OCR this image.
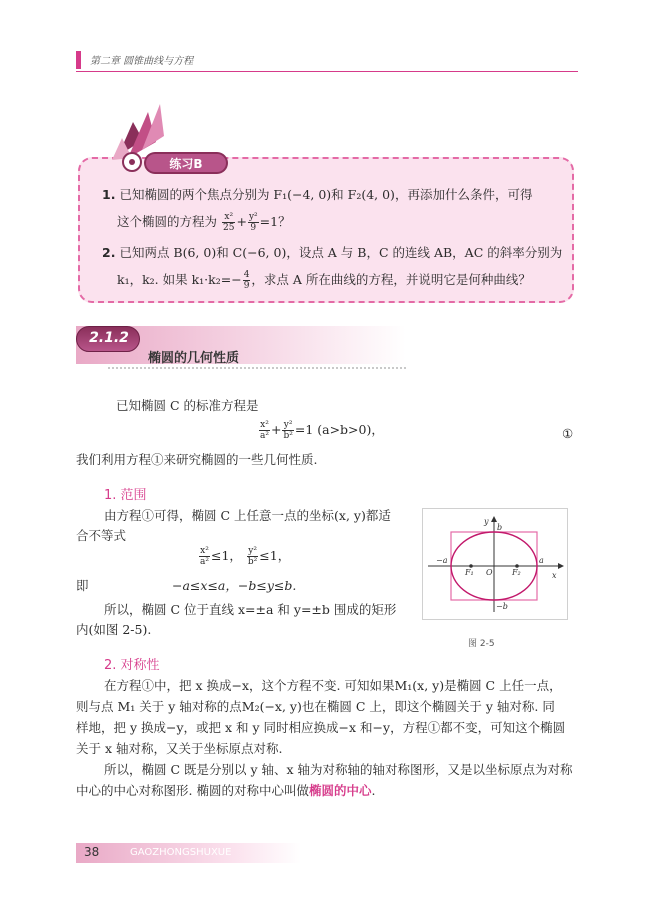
第二章 圆锥曲线与方程
练习B
1. 已知椭圆的两个焦点分别为 F₁(−4, 0)和 F₂(4, 0)，再添加什么条件，可得
这个椭圆的方程为 $\frac{\text{x²}}{25} + \frac{\text{y²}}{9} =1$？
2. 已知两点 B(6, 0)和 C(−6, 0)，设点 A 与 B，C 的连线 AB，AC 的斜率分别为
k₁，k₂. 如果 $k_1\cdot k_2=- \frac{4}{9}$ ，求点 A 所在曲线的方程，并说明它是何种曲线？
2.1.2
椭圆的几何性质
已知椭圆 C 的标准方程是
$\frac{\text{x²}}{\text{a²}} + \frac{\text{y²}}{\text{b²}} =1$ (a>b>0)，	①
我们利用方程①来研究椭圆的一些几何性质.
1. 范围
由方程①可得，椭圆 C 上任意一点的坐标(x, y)都适
合不等式
$\frac{\text{x²}}{\text{a²}} \le 1$， $\frac{\text{y²}}{\text{b²}} \le 1$，
即	−a≤x≤a，−b≤y≤b.
所以，椭圆 C 位于直线 x=±a 和 y=±b 围成的矩形
内(如图 2-5).
y
x
b
−b
a
−a
O
F₁	F₂
图 2-5
2. 对称性
在方程①中，把 x 换成−x，这个方程不变. 可知如果M₁(x, y)是椭圆 C 上任一点，
则与点 M₁ 关于 y 轴对称的点M₂(−x, y)也在椭圆 C 上，即这个椭圆关于 y 轴对称. 同
样地，把 y 换成−y，或把 x 和 y 同时相应换成−x 和−y，方程①都不变，可知这个椭圆
关于 x 轴对称，又关于坐标原点对称.
所以，椭圆 C 既是分别以 y 轴、x 轴为对称轴的轴对称图形，又是以坐标原点为对称
中心的中心对称图形. 椭圆的对称中心叫做椭圆的中心.
38	GAOZHONGSHUXUE
